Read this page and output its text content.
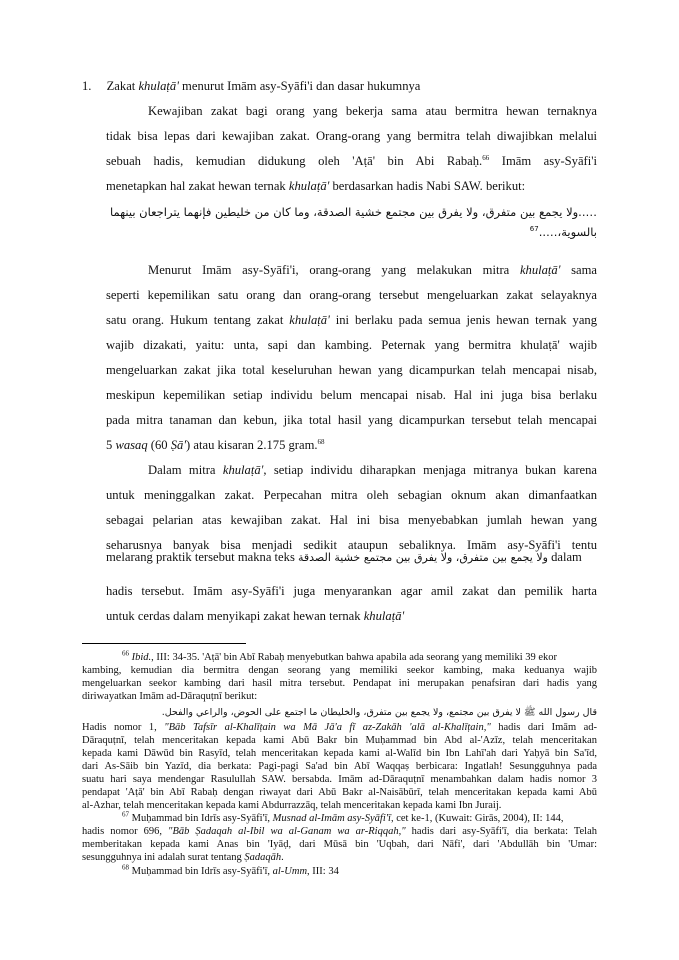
1. Zakat khulaṭā' menurut Imām asy-Syāfi'i dan dasar hukumnya
Kewajiban zakat bagi orang yang bekerja sama atau bermitra hewan ternaknya
tidak bisa lepas dari kewajiban zakat. Orang-orang yang bermitra telah diwajibkan melalui
sebuah hadis, kemudian didukung oleh 'Aṭā' bin Abi Rabaḥ.$^{66}$ Imām asy-Syāfi'i
menetapkan hal zakat hewan ternak khulaṭā' berdasarkan hadis Nabi SAW. berikut:
…..ولا يجمع بين متفرق، ولا يفرق بين مجتمع خشية الصدقة، وما كان من خليطين فإنهما يتراجعان بينهما
بالسوية،…..$^{67}$
Menurut Imām asy-Syāfi'i, orang-orang yang melakukan mitra khulaṭā' sama
seperti kepemilikan satu orang dan orang-orang tersebut mengeluarkan zakat selayaknya
satu orang. Hukum tentang zakat khulaṭā' ini berlaku pada semua jenis hewan ternak yang
wajib dizakati, yaitu: unta, sapi dan kambing. Peternak yang bermitra khulaṭā' wajib
mengeluarkan zakat jika total keseluruhan hewan yang dicampurkan telah mencapai nisab,
meskipun kepemilikan setiap individu belum mencapai nisab. Hal ini juga bisa berlaku
pada mitra tanaman dan kebun, jika total hasil yang dicampurkan tersebut telah mencapai
5 wasaq (60 Ṣā') atau kisaran 2.175 gram.$^{68}$
Dalam mitra khulaṭā', setiap individu diharapkan menjaga mitranya bukan karena
untuk meninggalkan zakat. Perpecahan mitra oleh sebagian oknum akan dimanfaatkan
sebagai pelarian atas kewajiban zakat. Hal ini bisa menyebabkan jumlah hewan yang
seharusnya banyak bisa menjadi sedikit ataupun sebaliknya. Imām asy-Syāfi'i tentu
melarang praktik tersebut makna teks ولا يجمع بين متفرق، ولا يفرق بين مجتمع خشية الصدقة dalam
hadis tersebut. Imām asy-Syāfi'i juga menyarankan agar amil zakat dan pemilik harta
untuk cerdas dalam menyikapi zakat hewan ternak khulaṭā'
$^{66}$ Ibid., III: 34-35. 'Aṭā' bin Abī Rabaḥ menyebutkan bahwa apabila ada seorang yang memiliki 39 ekor
kambing, kemudian dia bermitra dengan seorang yang memiliki seekor kambing, maka keduanya wajib
mengeluarkan seekor kambing dari hasil mitra tersebut. Pendapat ini merupakan penafsiran dari hadis yang
diriwayatkan Imām ad-Dāraquṭnī berikut:
قال رسول الله ﷺ لا يفرق بين مجتمع، ولا يجمع بين متفرق، والخليطان ما اجتمع على الحوض، والراعي والفحل.
Hadis nomor 1, "Bāb Tafsīr al-Khalīṭain wa Mā Jā'a fī az-Zakāh 'alā al-Khalīṭain," hadis dari Imām ad-
Dāraquṭnī, telah menceritakan kepada kami Abū Bakr bin Muḥammad bin Abd al-'Azīz, telah menceritakan
kepada kami Dāwūd bin Rasyīd, telah menceritakan kepada kami al-Walīd bin Ibn Lahī'ah dari Yaḥyā bin Sa'īd,
dari As-Sāib bin Yazīd, dia berkata: Pagi-pagi Sa'ad bin Abī Waqqaṣ berbicara: Ingatlah! Sesungguhnya pada
suatu hari saya mendengar Rasulullah SAW. bersabda. Imām ad-Dāraquṭnī menambahkan dalam hadis nomor 3
pendapat 'Aṭā' bin Abī Rabaḥ dengan riwayat dari Abū Bakr al-Naisābūrī, telah menceritakan kepada kami Abū
al-Azhar, telah menceritakan kepada kami Abdurrazzāq, telah menceritakan kepada kami Ibn Juraij.
$^{67}$ Muḥammad bin Idrīs asy-Syāfi'ī, Musnad al-Imām asy-Syāfi'ī, cet ke-1, (Kuwait: Girās, 2004), II: 144,
hadis nomor 696, "Bāb Ṣadaqah al-Ibil wa al-Ganam wa ar-Riqqah," hadis dari asy-Syāfi'ī, dia berkata: Telah
memberitakan kepada kami Anas bin 'Iyāḍ, dari Mūsā bin 'Uqbah, dari Nāfi', dari 'Abdullāh bin 'Umar:
sesungguhnya ini adalah surat tentang Ṣadaqāh.
$^{68}$ Muḥammad bin Idrīs asy-Syāfi'ī, al-Umm, III: 34
